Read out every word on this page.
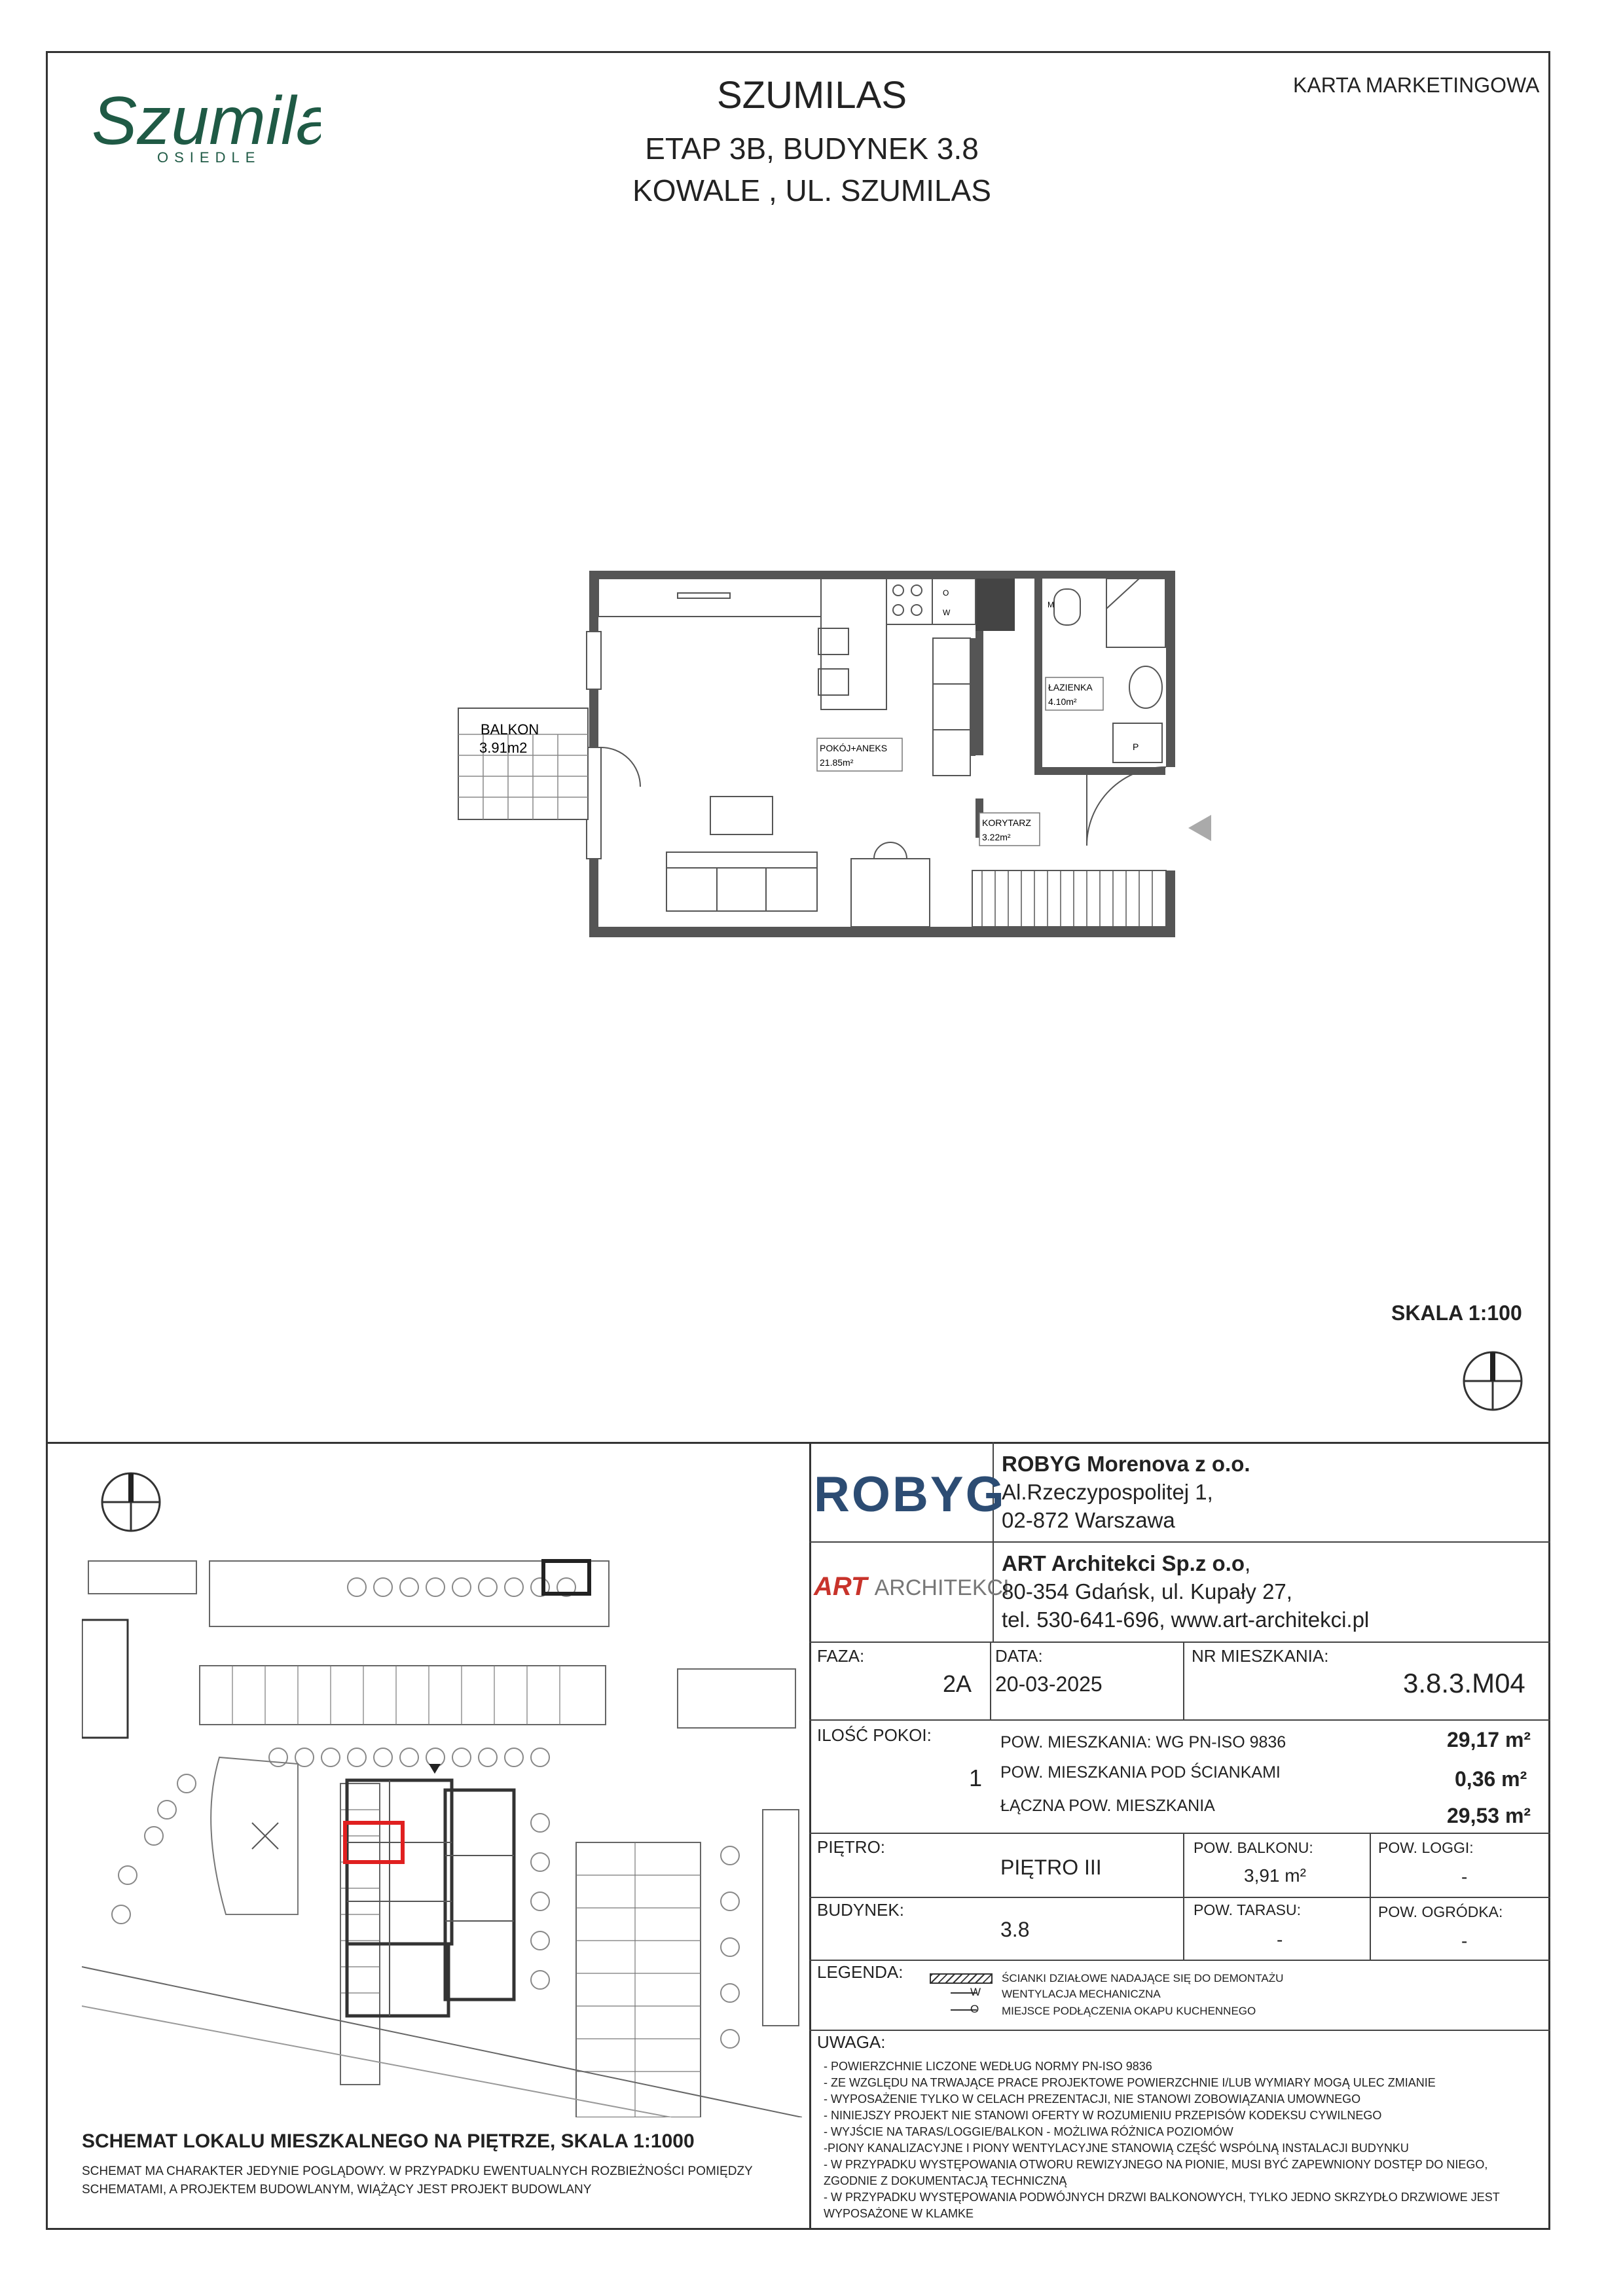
Szumil
OSIEDLE
SZUMILAS
ETAP 3B, BUDYNEK 3.8
KOWALE , UL. SZUMILAS
KARTA MARKETINGOWA
POKÓJ+ANEKS
21.85m²
ŁAZIENKA
4.10m²
KORYTARZ
3.22m²
BALKON
3.91m2	P
M
O
W
SKALA 1:100
SCHEMAT LOKALU MIESZKALNEGO NA PIĘTRZE, SKALA 1:1000
SCHEMAT MA CHARAKTER JEDYNIE POGLĄDOWY. W PRZYPADKU EWENTUALNYCH ROZBIEŻNOŚCI POMIĘDZY
SCHEMATAMI, A PROJEKTEM BUDOWLANYM, WIĄŻĄCY JEST PROJEKT BUDOWLANY
ROBYG
ROBYG Morenova z o.o.
Al.Rzeczypospolitej 1,
02-872 Warszawa
ART ARCHITEKCI
ART Architekci Sp.z o.o,
80-354 Gdańsk, ul. Kupały 27,
tel. 530-641-696, www.art-architekci.pl
FAZA:
2A
DATA:
20-03-2025
NR MIESZKANIA:
3.8.3.M04
ILOŚĆ POKOI:
1
POW. MIESZKANIA: WG PN-ISO 9836	29,17 m²
POW. MIESZKANIA POD ŚCIANKAMI	0,36 m²
ŁĄCZNA POW. MIESZKANIA	29,53 m²
PIĘTRO:
PIĘTRO III
POW. BALKONU:
3,91 m²
POW. LOGGI:
-
BUDYNEK:
3.8
POW. TARASU:
-
POW. OGRÓDKA:
-
LEGENDA:	ŚCIANKI DZIAŁOWE NADAJĄCE SIĘ DO DEMONTAŻU
W WENTYLACJA MECHANICZNA
O MIEJSCE PODŁĄCZENIA OKAPU KUCHENNEGO
UWAGA:
- POWIERZCHNIE LICZONE WEDŁUG NORMY PN-ISO 9836
- ZE WZGLĘDU NA TRWAJĄCE PRACE PROJEKTOWE POWIERZCHNIE I/LUB WYMIARY MOGĄ ULEC ZMIANIE
- WYPOSAŻENIE TYLKO W CELACH PREZENTACJI, NIE STANOWI ZOBOWIĄZANIA UMOWNEGO
- NINIEJSZY PROJEKT NIE STANOWI OFERTY W ROZUMIENIU PRZEPISÓW KODEKSU CYWILNEGO
- WYJŚCIE NA TARAS/LOGGIE/BALKON - MOŻLIWA RÓŻNICA POZIOMÓW
-PIONY KANALIZACYJNE I PIONY WENTYLACYJNE STANOWIĄ CZĘŚĆ WSPÓLNĄ INSTALACJI BUDYNKU
- W PRZYPADKU WYSTĘPOWANIA OTWORU REWIZYJNEGO NA PIONIE, MUSI BYĆ ZAPEWNIONY DOSTĘP DO NIEGO,
ZGODNIE Z DOKUMENTACJĄ TECHNICZNĄ
- W PRZYPADKU WYSTĘPOWANIA PODWÓJNYCH DRZWI BALKONOWYCH, TYLKO JEDNO SKRZYDŁO DRZWIOWE JEST
WYPOSAŻONE W KLAMKE
